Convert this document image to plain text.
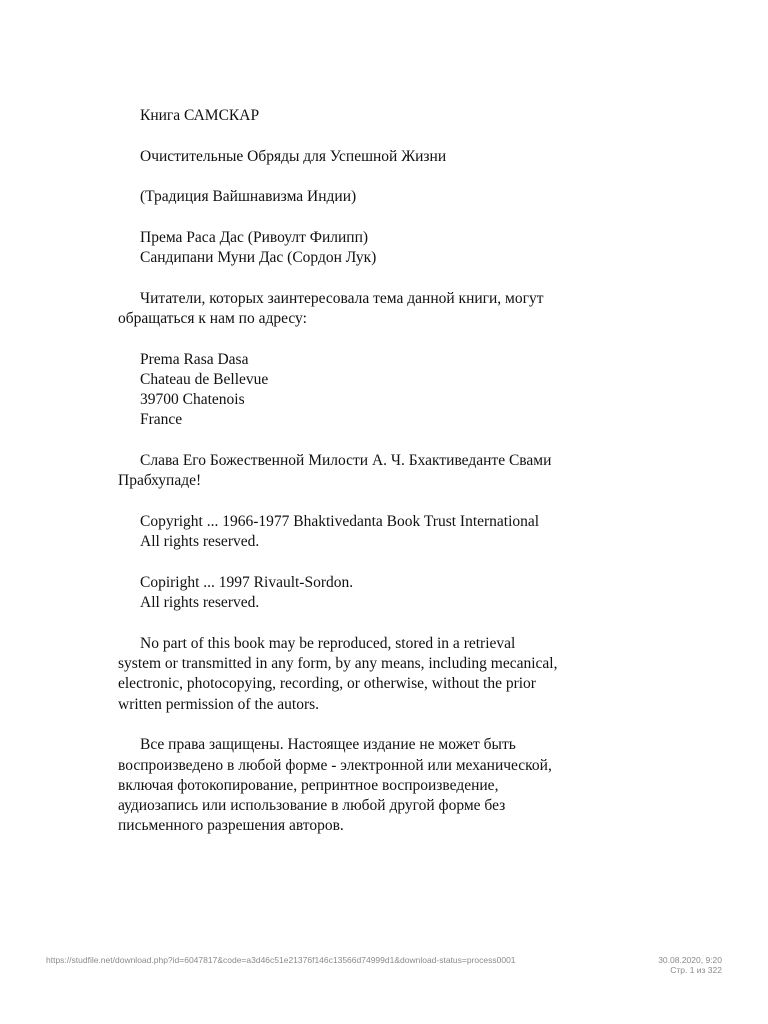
Книга САМСКАР

Очистительные Обряды для Успешной Жизни

(Традиция Вайшнавизма Индии)

Према Раса Дас (Ривоулт Филипп)
Сандипани Муни Дас (Сордон Лук)

Читатели, которых заинтересовала тема данной книги, могут обращаться к нам по адресу:

Prema Rasa Dasa
Chateau de Bellevue
39700 Chatenois
France

Слава Его Божественной Милости А. Ч. Бхактиведанте Свами Прабхупаде!

Copyright ... 1966-1977 Bhaktivedanta Book Trust International
All rights reserved.

Copiright ... 1997 Rivault-Sordon.
All rights reserved.

No part of this book may be reproduced, stored in a retrieval system or transmitted in any form, by any means, including mecanical, electronic, photocopying, recording, or otherwise, without the prior written permission of the autors.

Все права защищены. Настоящее издание не может быть воспроизведено в любой форме - электронной или механической, включая фотокопирование, репринтное воспроизведение, аудиозапись или использование в любой другой форме без письменного разрешения авторов.

https://studfile.net/download.php?id=6047817&code=a3d46c51e21376f146c13566d74999d1&download-status=process0001	30.08.2020, 9:20
Стр. 1 из 322
